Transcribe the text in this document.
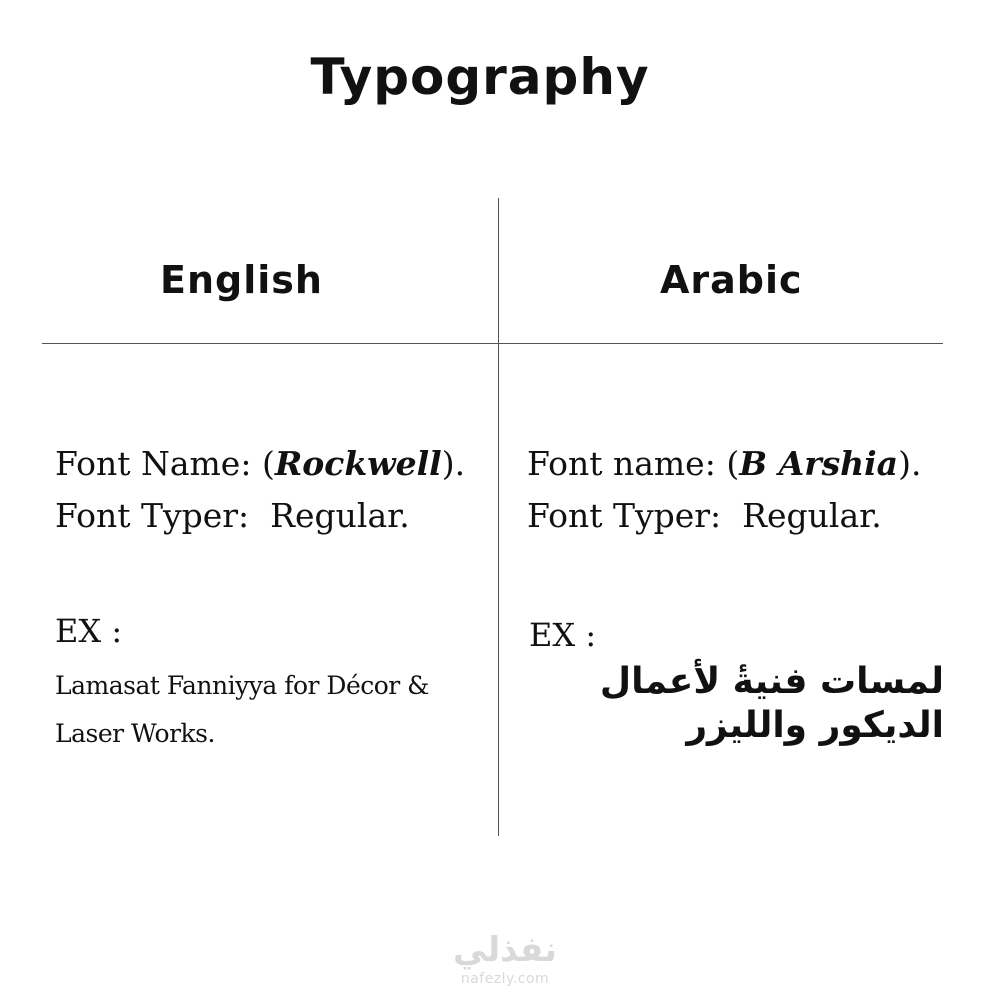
Typography
English	Arabic
Font Name: (Rockwell).
Font Typer: Regular.
Font name: (B Arshia).
Font Typer: Regular.
EX :	EX :
Lamasat Fanniyya for Décor & Laser Works.
لمسات فنيةٔ لأعمال الديكور والليزر
نفذلي
nafezly.com
